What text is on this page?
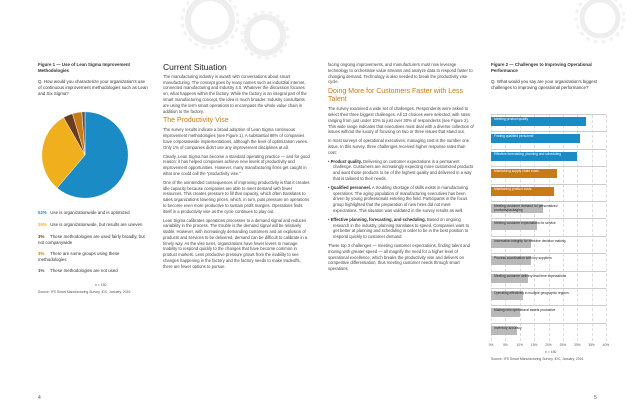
Figure 1 — Use of Lean Sigma Improvement Methodologies
Q. How would you characterize your organization's use of continuous improvement methodologies such as Lean and Six Sigma?
52% Use is organizationwide and is optimized
26% Use is organizationwide, but results are uneven
3% These methodologies are used fairly broadly, but not companywide
3% There are some groups using these methodologies
1% These methodologies are not used
n = 150
Source: IFS Smart Manufacturing Survey, IDC, January, 2016
Current Situation

The manufacturing industry is awash with conversations about smart manufacturing. The concept goes by many names such as industrial internet, connected manufacturing and Industry 4.0. Whatever the discussion focuses on, what happens within the factory. While the factory is an integral part of the smart manufacturing concept, the idea is much broader. Industry consultants are using the term smart operations to encompass the whole value chain in addition to the factory.

The Productivity Vise

The survey results indicate a broad adoption of Lean Sigma continuous improvement methodologies (see Figure 1). A substantial 88% of companies have corporatewide implementations, although the level of optimization varies. Only 1% of companies didn't use any improvement disciplines at all.

Clearly, Lean Sigma has become a standard operating practice — and for good reason: it has helped companies achieve new levels of productivity and improvement opportunities. However, many manufacturing firms get caught in what one could call the "productivity vise."

One of the unintended consequences of improving productivity is that it creates idle capacity because companies are able to meet demand with fewer resources. This creates pressure to fill that capacity, which often translates to sales organizations lowering prices, which, in turn, puts pressure on operations to become even more productive to sustain profit margins. Operations finds itself in a productivity vise as the cycle continues to play out.

Lean Sigma calibrates operations processes to a demand signal and reduces variability in the process. The trouble is the demand signal will be relatively stable. However, with increasingly demanding customers and an explosion of products and services to be delivered, demand can be difficult to calibrate in a timely way. As the vise turns, organizations have fewer levers to manage. Inability to respond quickly to the changes that have become common in product markets. Less productive pressure grows from the inability to see changes happening in the factory and the factory needs to make tradeoffs, there are fewer options to pursue.

facing ongoing improvements, and manufacturers must now leverage technology to orchestrate value streams and analyze data to respond faster to changing demand. Technology is also needed to break the productivity vise cycle.

Doing More for Customers Faster with Less Talent

The survey examined a wide set of challenges. Respondents were asked to select their three biggest challenges. All 13 choices were selected, with rates ranging from just under 10% to just over 30% of respondents (see Figure 2). This wide range indicates that executives must deal with a diverse collection of issues without the luxury of focusing on two or three issues that stand out.

In most surveys of operational executives, managing cost is the number one issue. In this survey, three challenges received higher response rates than cost:

• Product quality. Delivering on customer expectations is a permanent challenge. Customers are increasingly expecting more customized products and want those products to be of the highest quality and delivered in a way that is tailored to their needs.

• Qualified personnel. A troubling shortage of skills exists in manufacturing operations. The aging population of manufacturing executives has been driven by young professionals entering the field. Participants in the focus group highlighted that the preparation of new hires did not meet expectations. This situation was validated in the survey results as well.

• Effective planning, forecasting, and scheduling. Based on ongoing research in the industry, planning translates to speed. Companies want to get better at planning and scheduling in order to be in the best position to respond quickly to customer demand.

These top 3 challenges — meeting customer expectations, finding talent and moving with greater speed — all magnify the need for a higher level of operational excellence, which breaks the productivity vise and delivers on competitive differentiation, thus meeting customer needs through smart operations.

Figure 2 — Challenges to Improving Operational Performance
Q. What would you say are your organization's biggest challenges to improving operational performance?
0%	5%	10% 15% 20% 25% 30% 35% 40%
Meeting product quality
Finding qualified personnel
Effective forecasting, planning and scheduling
Maintaining supply chain costs
Maintaining product costs
Meeting customer demand for personalized products/packaging
Meeting customer expectations for service
Information integrity for effective decision making
Process coordination with key suppliers
Meeting customer delivery lead time expectations
Operating effectively in multiple geographic regions
Making new operational assets productive
Inventory accuracy
n = 150
Source: IFS Smart Manufacturing Survey, IDC, January, 2016
4	5
